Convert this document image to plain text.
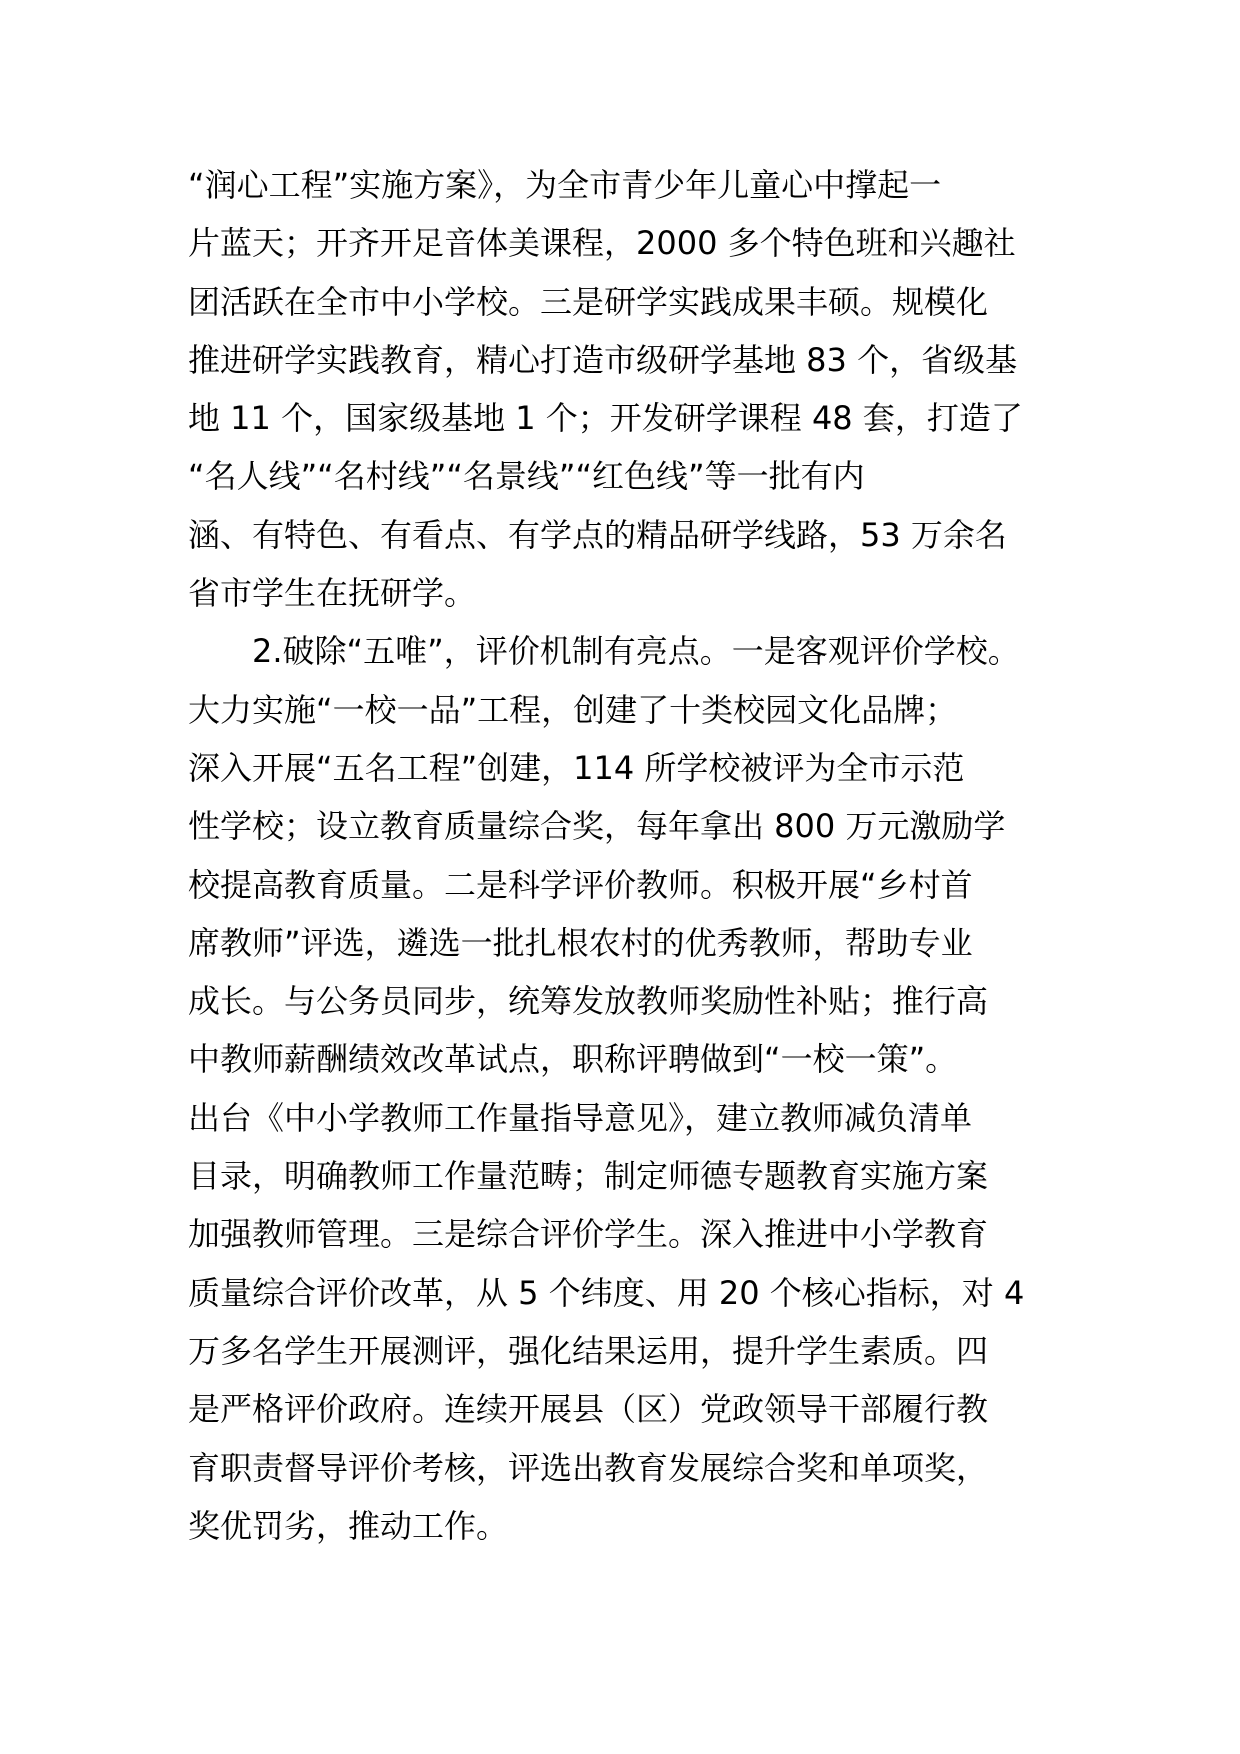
“润心工程”实施方案》，为全市青少年儿童心中撑起一
片蓝天；开齐开足音体美课程，2000 多个特色班和兴趣社
团活跃在全市中小学校。三是研学实践成果丰硕。规模化
推进研学实践教育，精心打造市级研学基地 83 个，省级基
地 11 个，国家级基地 1 个；开发研学课程 48 套，打造了
“名人线”“名村线”“名景线”“红色线”等一批有内
涵、有特色、有看点、有学点的精品研学线路，53 万余名
省市学生在抚研学。
2.破除“五唯”，评价机制有亮点。一是客观评价学校。
大力实施“一校一品”工程，创建了十类校园文化品牌；
深入开展“五名工程”创建，114 所学校被评为全市示范
性学校；设立教育质量综合奖，每年拿出 800 万元激励学
校提高教育质量。二是科学评价教师。积极开展“乡村首
席教师”评选，遴选一批扎根农村的优秀教师，帮助专业
成长。与公务员同步，统筹发放教师奖励性补贴；推行高
中教师薪酬绩效改革试点，职称评聘做到“一校一策”。
出台《中小学教师工作量指导意见》，建立教师减负清单
目录，明确教师工作量范畴；制定师德专题教育实施方案
加强教师管理。三是综合评价学生。深入推进中小学教育
质量综合评价改革，从 5 个纬度、用 20 个核心指标，对 4
万多名学生开展测评，强化结果运用，提升学生素质。四
是严格评价政府。连续开展县（区）党政领导干部履行教
育职责督导评价考核，评选出教育发展综合奖和单项奖，
奖优罚劣，推动工作。
